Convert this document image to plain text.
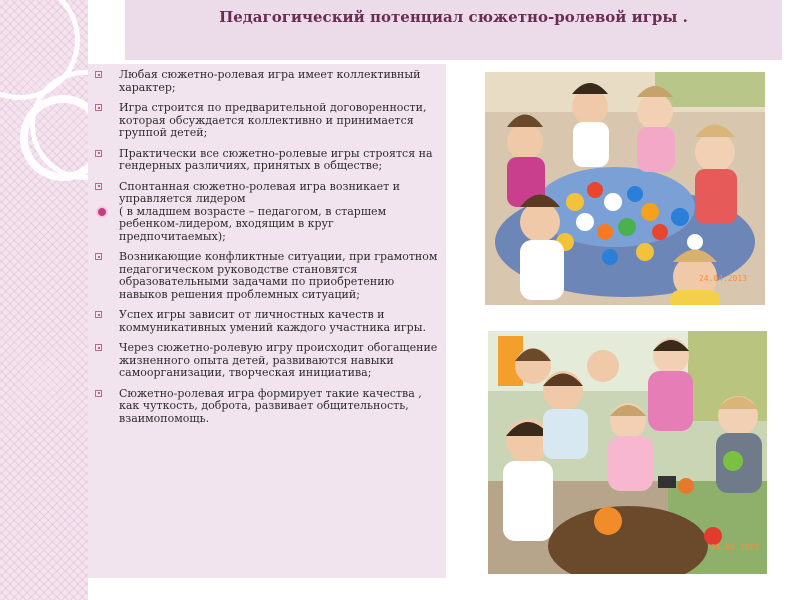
Педагогический потенциал сюжетно-ролевой игры .
Любая сюжетно-ролевая игра имеет коллективный характер;
Игра строится по предварительной договоренности, которая обсуждается коллективно и принимается группой детей;
Практически все сюжетно-ролевые игры строятся на гендерных различиях, принятых в обществе;
Спонтанная сюжетно-ролевая игра возникает и управляется лидером
( в младшем возрасте – педагогом, в старшем ребенком-лидером, входящим в круг предпочитаемых);
Возникающие конфликтные ситуации, при грамотном педагогическом руководстве становятся образовательными задачами по приобретению навыков решения проблемных ситуаций;
Успех игры зависит от личностных качеств и коммуникативных умений каждого участника игры.
Через сюжетно-ролевую игру происходит обогащение жизненного опыта детей, развиваются навыки самоорганизации, творческая инициатива;
Сюжетно-ролевая игра формирует такие качества , как чуткость, доброта, развивает общительность, взаимопомощь.
24.04.2013
24.04.2013
